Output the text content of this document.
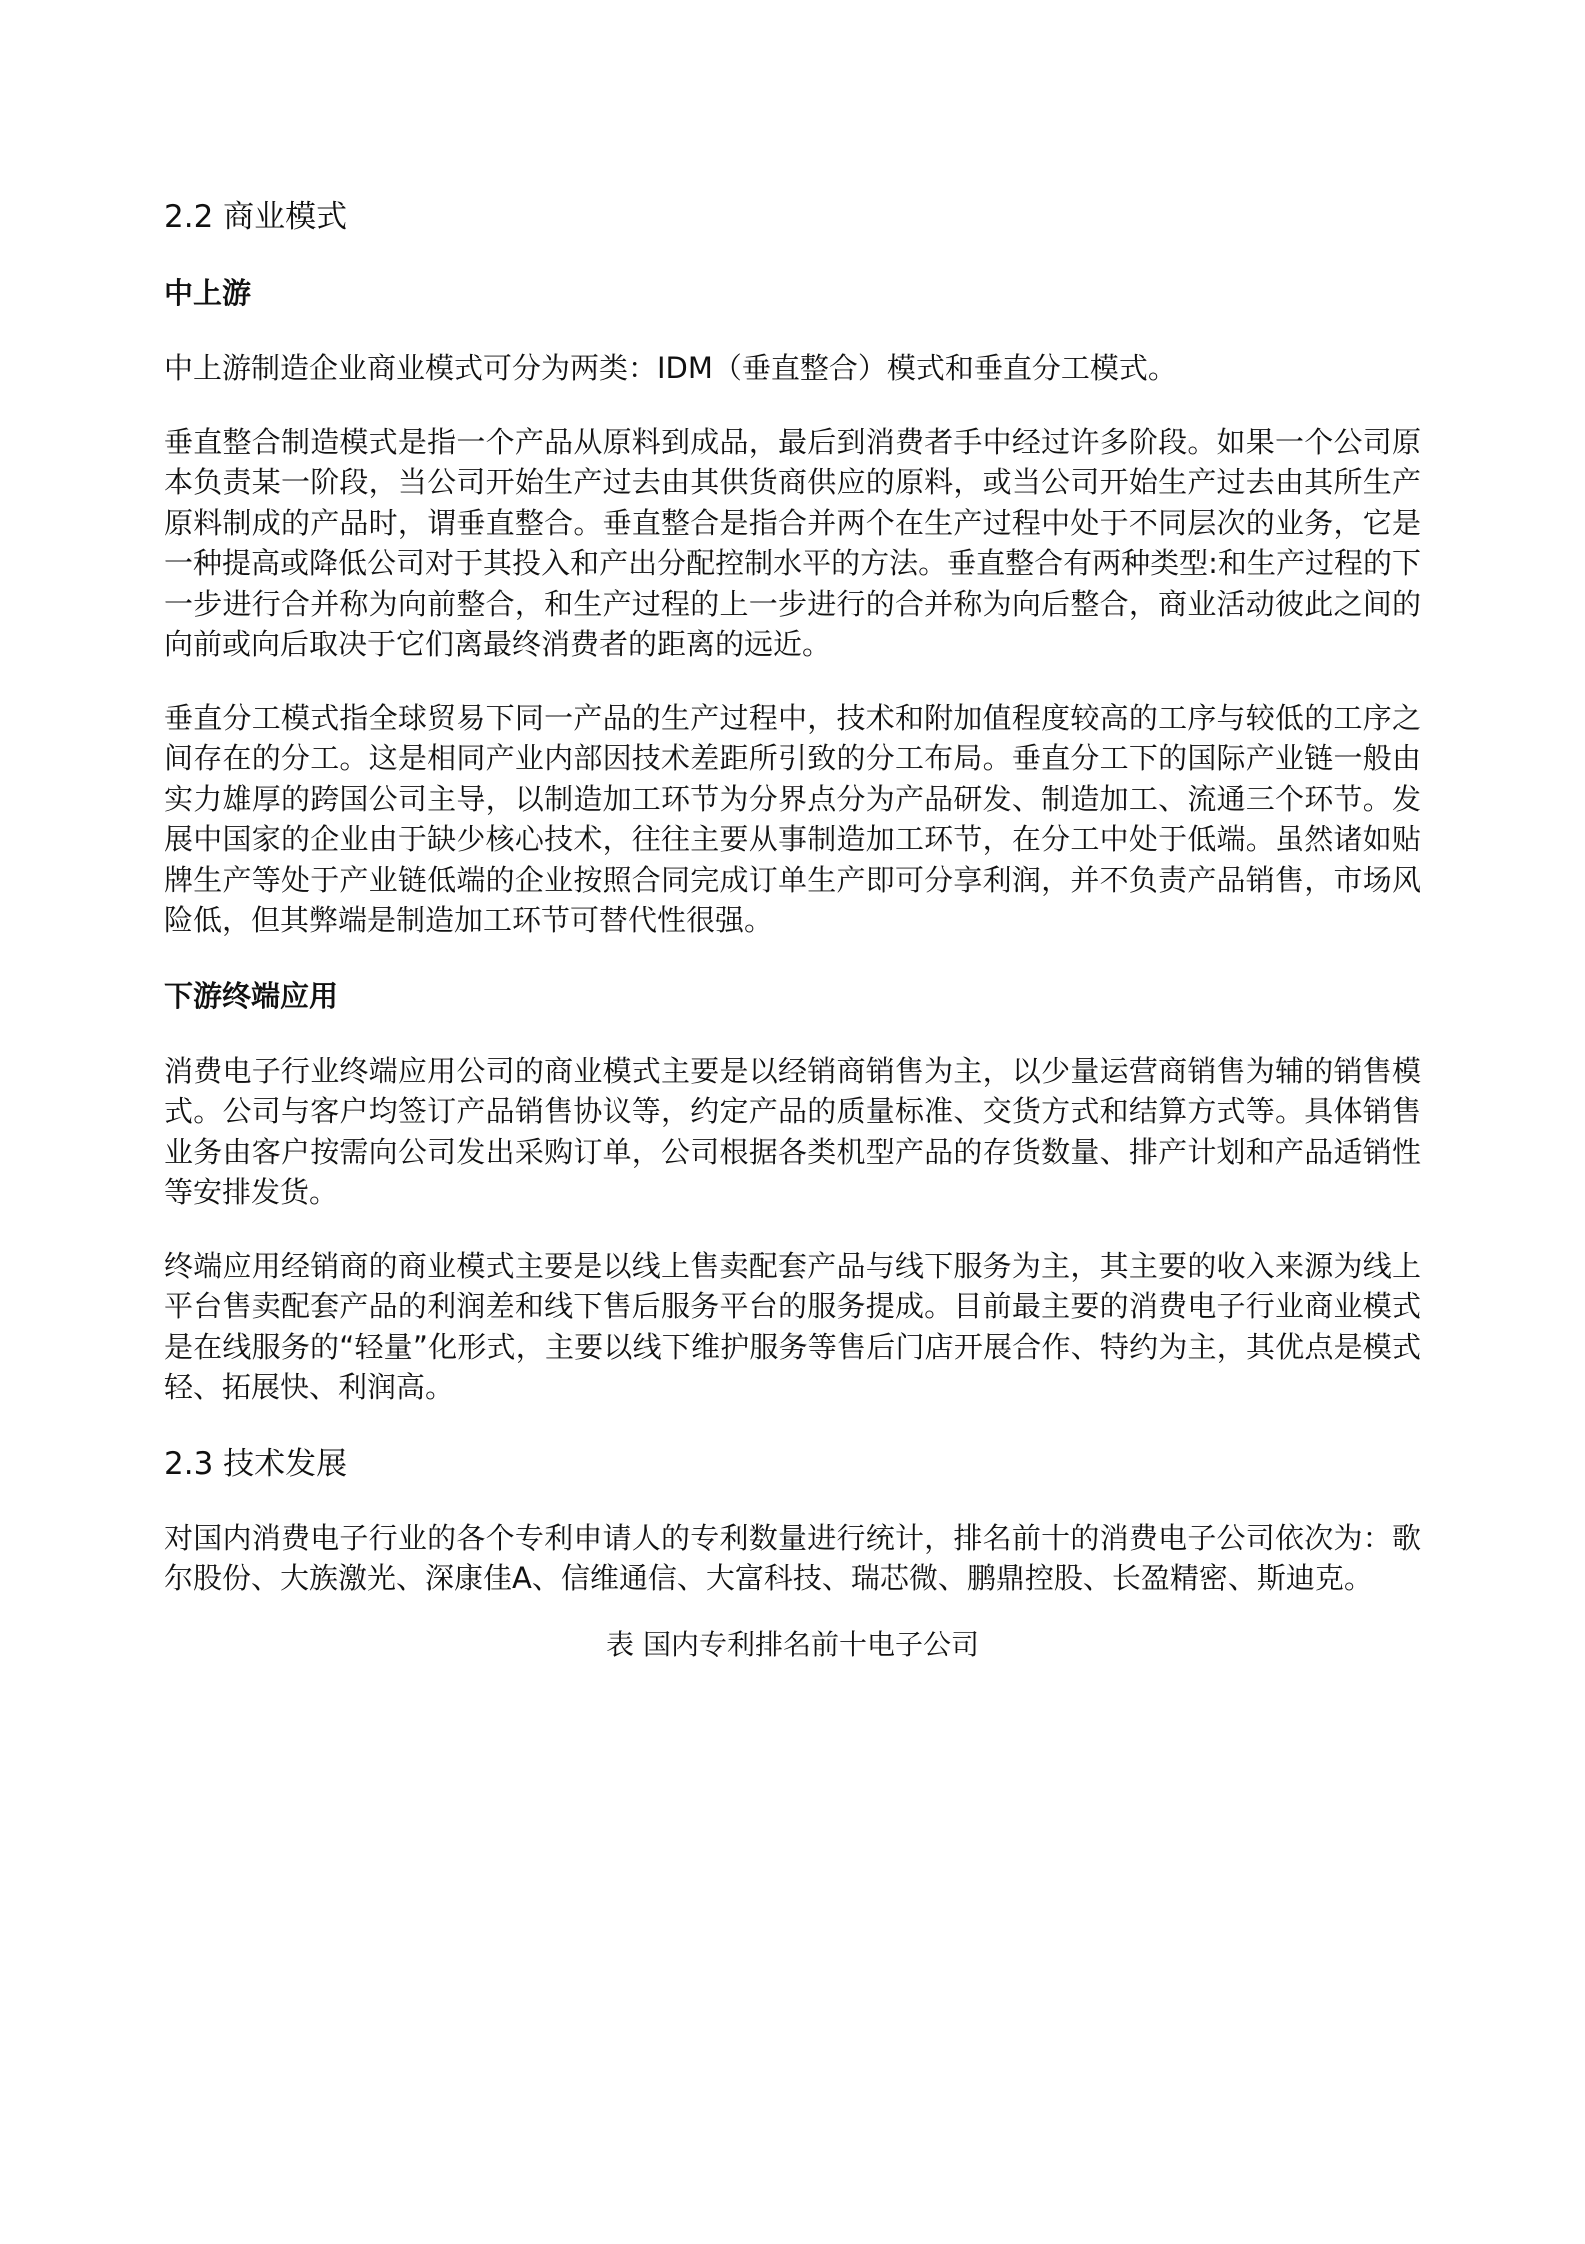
2.2 商业模式
中上游

中上游制造企业商业模式可分为两类：IDM（垂直整合）模式和垂直分工模式。

垂直整合制造模式是指一个产品从原料到成品，最后到消费者手中经过许多阶段。如果一个公司原本负责某一阶段，当公司开始生产过去由其供货商供应的原料，或当公司开始生产过去由其所生产原料制成的产品时，谓垂直整合。垂直整合是指合并两个在生产过程中处于不同层次的业务，它是一种提高或降低公司对于其投入和产出分配控制水平的方法。垂直整合有两种类型:和生产过程的下一步进行合并称为向前整合，和生产过程的上一步进行的合并称为向后整合，商业活动彼此之间的向前或向后取决于它们离最终消费者的距离的远近。

垂直分工模式指全球贸易下同一产品的生产过程中，技术和附加值程度较高的工序与较低的工序之间存在的分工。这是相同产业内部因技术差距所引致的分工布局。垂直分工下的国际产业链一般由实力雄厚的跨国公司主导，以制造加工环节为分界点分为产品研发、制造加工、流通三个环节。发展中国家的企业由于缺少核心技术，往往主要从事制造加工环节，在分工中处于低端。虽然诸如贴牌生产等处于产业链低端的企业按照合同完成订单生产即可分享利润，并不负责产品销售，市场风险低，但其弊端是制造加工环节可替代性很强。

下游终端应用

消费电子行业终端应用公司的商业模式主要是以经销商销售为主，以少量运营商销售为辅的销售模式。公司与客户均签订产品销售协议等，约定产品的质量标准、交货方式和结算方式等。具体销售业务由客户按需向公司发出采购订单，公司根据各类机型产品的存货数量、排产计划和产品适销性等安排发货。

终端应用经销商的商业模式主要是以线上售卖配套产品与线下服务为主，其主要的收入来源为线上平台售卖配套产品的利润差和线下售后服务平台的服务提成。目前最主要的消费电子行业商业模式是在线服务的“轻量”化形式，主要以线下维护服务等售后门店开展合作、特约为主，其优点是模式轻、拓展快、利润高。

2.3 技术发展

对国内消费电子行业的各个专利申请人的专利数量进行统计，排名前十的消费电子公司依次为：歌尔股份、大族激光、深康佳A、信维通信、大富科技、瑞芯微、鹏鼎控股、长盈精密、斯迪克。

表 国内专利排名前十电子公司
